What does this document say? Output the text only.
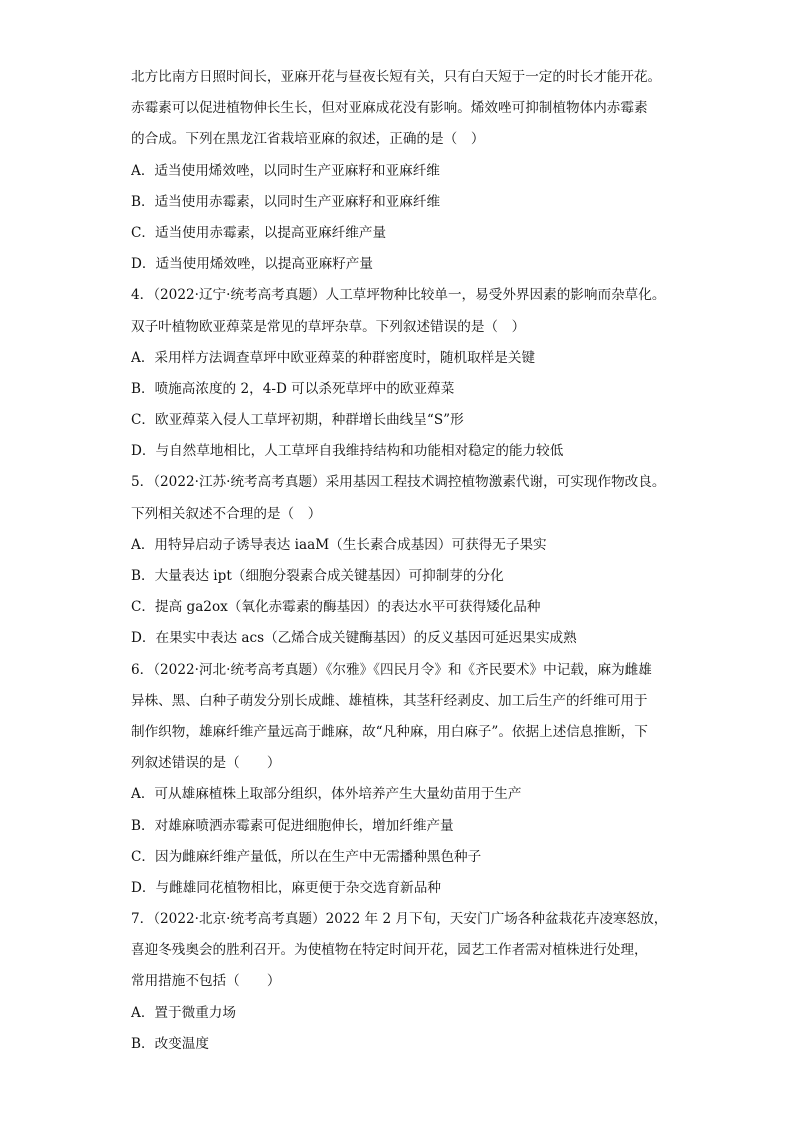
北方比南方日照时间长，亚麻开花与昼夜长短有关，只有白天短于一定的时长才能开花。
赤霉素可以促进植物伸长生长，但对亚麻成花没有影响。烯效唑可抑制植物体内赤霉素
的合成。下列在黑龙江省栽培亚麻的叙述，正确的是（　）
A．适当使用烯效唑，以同时生产亚麻籽和亚麻纤维
B．适当使用赤霉素，以同时生产亚麻籽和亚麻纤维
C．适当使用赤霉素，以提高亚麻纤维产量
D．适当使用烯效唑，以提高亚麻籽产量
4．（2022·辽宁·统考高考真题）人工草坪物种比较单一，易受外界因素的影响而杂草化。
双子叶植物欧亚蔊菜是常见的草坪杂草。下列叙述错误的是（　）
A．采用样方法调查草坪中欧亚蔊菜的种群密度时，随机取样是关键
B．喷施高浓度的 2，4-D 可以杀死草坪中的欧亚蔊菜
C．欧亚蔊菜入侵人工草坪初期，种群增长曲线呈“S”形
D．与自然草地相比，人工草坪自我维持结构和功能相对稳定的能力较低
5．（2022·江苏·统考高考真题）采用基因工程技术调控植物激素代谢，可实现作物改良。
下列相关叙述不合理的是（　）
A．用特异启动子诱导表达 iaaM（生长素合成基因）可获得无子果实
B．大量表达 ipt（细胞分裂素合成关键基因）可抑制芽的分化
C．提高 ga2ox（氧化赤霉素的酶基因）的表达水平可获得矮化品种
D．在果实中表达 acs（乙烯合成关键酶基因）的反义基因可延迟果实成熟
6．（2022·河北·统考高考真题）《尔雅》《四民月令》和《齐民要术》中记载，麻为雌雄
异株、黑、白种子萌发分别长成雌、雄植株，其茎秆经剥皮、加工后生产的纤维可用于
制作织物，雄麻纤维产量远高于雌麻，故“凡种麻，用白麻子”。依据上述信息推断，下
列叙述错误的是（　　）
A．可从雄麻植株上取部分组织，体外培养产生大量幼苗用于生产
B．对雄麻喷洒赤霉素可促进细胞伸长，增加纤维产量
C．因为雌麻纤维产量低，所以在生产中无需播种黑色种子
D．与雌雄同花植物相比，麻更便于杂交选育新品种
7．（2022·北京·统考高考真题）2022 年 2 月下旬，天安门广场各种盆栽花卉凌寒怒放，
喜迎冬残奥会的胜利召开。为使植物在特定时间开花，园艺工作者需对植株进行处理，
常用措施不包括（　　）
A．置于微重力场
B．改变温度
